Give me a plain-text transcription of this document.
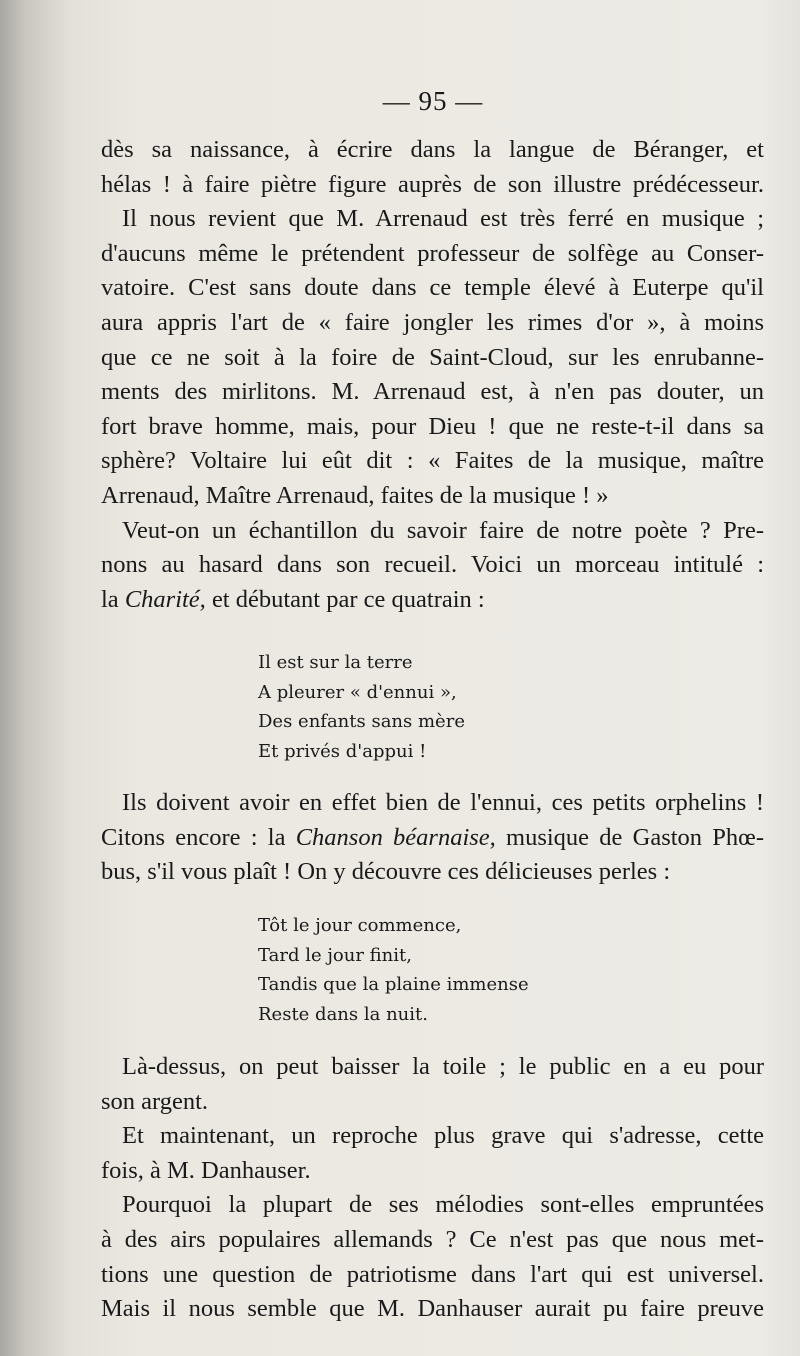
— 95 —
dès sa naissance, à écrire dans la langue de Béranger, et
hélas ! à faire piètre figure auprès de son illustre prédécesseur.
Il nous revient que M. Arrenaud est très ferré en musique ;
d'aucuns même le prétendent professeur de solfège au Conser-
vatoire. C'est sans doute dans ce temple élevé à Euterpe qu'il
aura appris l'art de « faire jongler les rimes d'or », à moins
que ce ne soit à la foire de Saint-Cloud, sur les enrubanne-
ments des mirlitons. M. Arrenaud est, à n'en pas douter, un
fort brave homme, mais, pour Dieu ! que ne reste-t-il dans sa
sphère? Voltaire lui eût dit : « Faites de la musique, maître
Arrenaud, Maître Arrenaud, faites de la musique ! »
Veut-on un échantillon du savoir faire de notre poète ? Pre-
nons au hasard dans son recueil. Voici un morceau intitulé :
la Charité, et débutant par ce quatrain :
Il est sur la terre
A pleurer « d'ennui »,
Des enfants sans mère
Et privés d'appui !
Ils doivent avoir en effet bien de l'ennui, ces petits orphelins !
Citons encore : la Chanson béarnaise, musique de Gaston Phœ-
bus, s'il vous plaît ! On y découvre ces délicieuses perles :
Tôt le jour commence,
Tard le jour finit,
Tandis que la plaine immense
Reste dans la nuit.
Là-dessus, on peut baisser la toile ; le public en a eu pour
son argent.
Et maintenant, un reproche plus grave qui s'adresse, cette
fois, à M. Danhauser.
Pourquoi la plupart de ses mélodies sont-elles empruntées
à des airs populaires allemands ? Ce n'est pas que nous met-
tions une question de patriotisme dans l'art qui est universel.
Mais il nous semble que M. Danhauser aurait pu faire preuve
